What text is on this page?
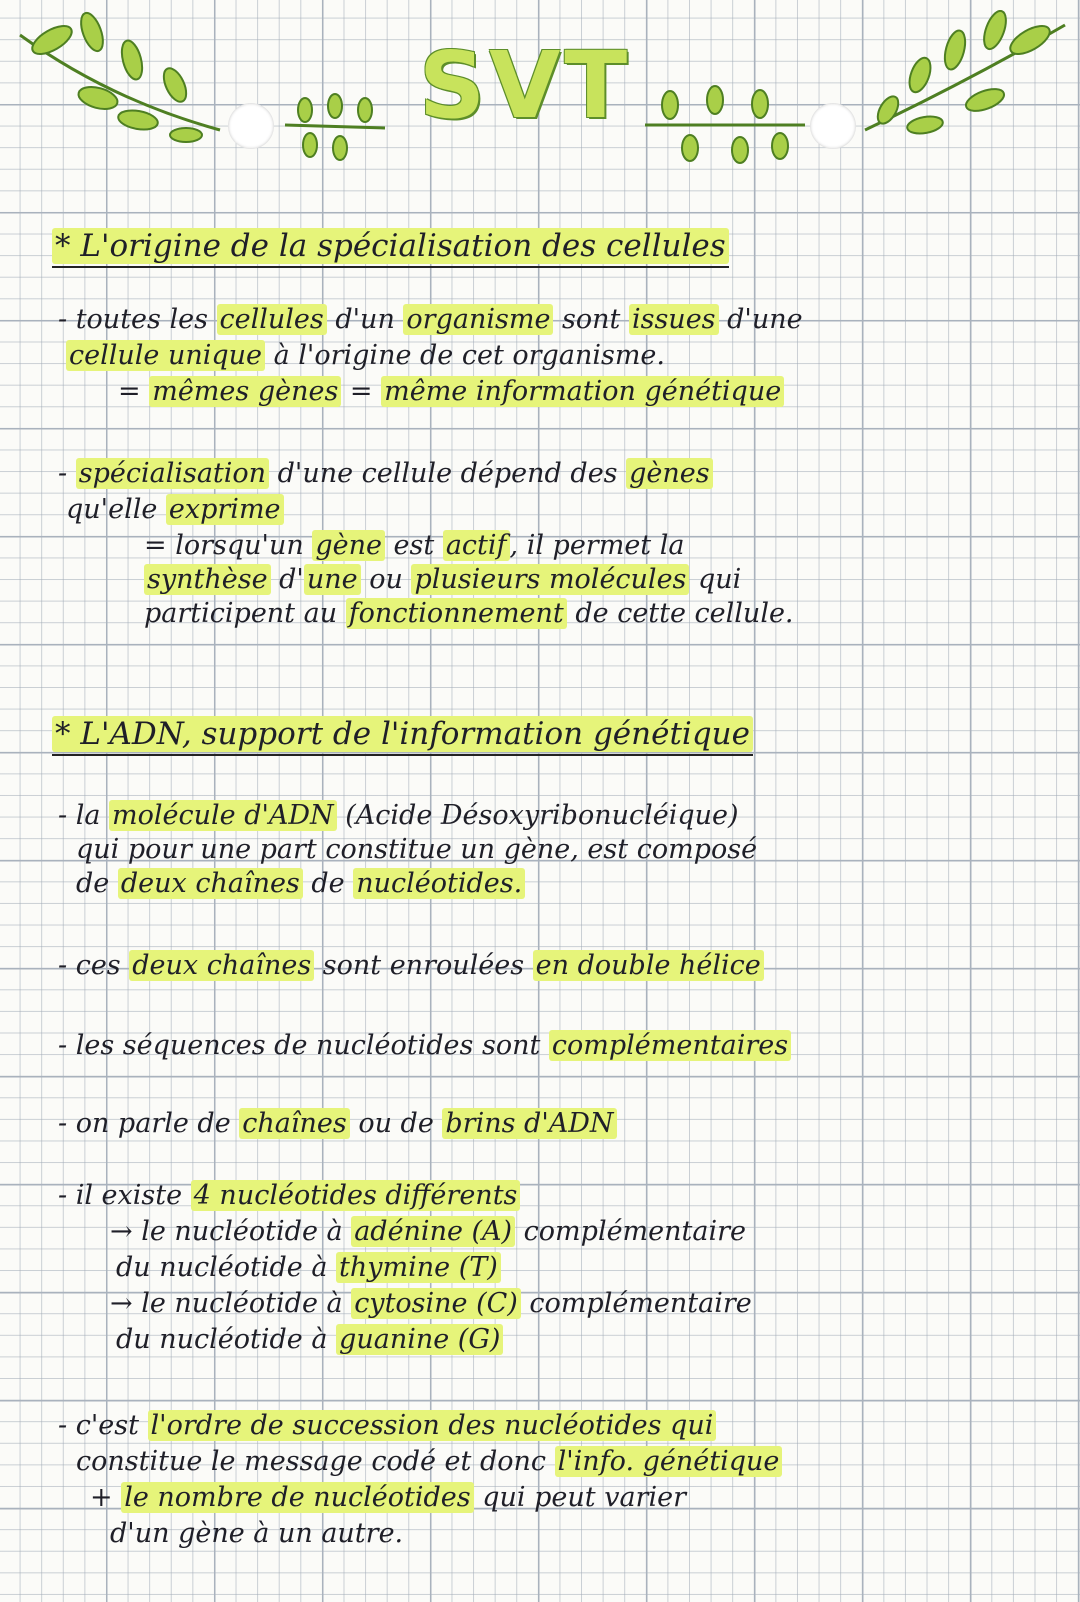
SVT
* L'origine de la spécialisation des cellules
- toutes les cellules d'un organisme sont issues d'une
cellule unique à l'origine de cet organisme.
= mêmes gènes = même information génétique
- spécialisation d'une cellule dépend des gènes
qu'elle exprime
= lorsqu'un gène est actif , il permet la
synthèse d' une ou plusieurs molécules qui
participent au fonctionnement de cette cellule.
* L'ADN, support de l'information génétique
- la molécule d'ADN (Acide Désoxyribonucléique)
qui pour une part constitue un gène, est composé
de deux chaînes de nucléotides.
- ces deux chaînes sont enroulées en double hélice
- les séquences de nucléotides sont complémentaires
- on parle de chaînes ou de brins d'ADN
- il existe 4 nucléotides différents
→ le nucléotide à adénine (A) complémentaire
du nucléotide à thymine (T)
→ le nucléotide à cytosine (C) complémentaire
du nucléotide à guanine (G)
- c'est l'ordre de succession des nucléotides qui
constitue le message codé et donc l'info. génétique
+ le nombre de nucléotides qui peut varier
d'un gène à un autre.
